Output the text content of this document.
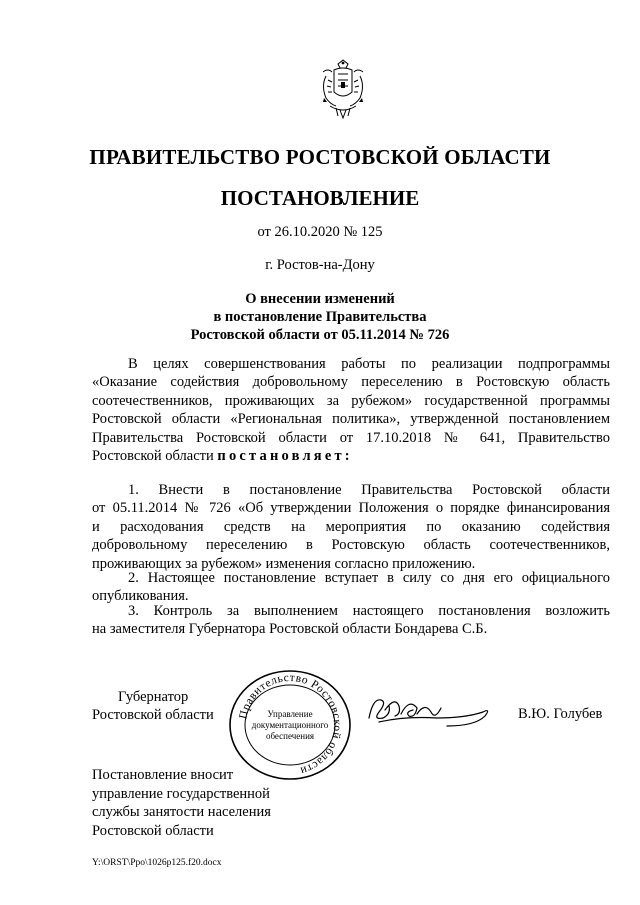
ПРАВИТЕЛЬСТВО РОСТОВСКОЙ ОБЛАСТИ
ПОСТАНОВЛЕНИЕ
от 26.10.2020 № 125
г. Ростов-на-Дону
О внесении изменений
в постановление Правительства
Ростовской области от 05.11.2014 № 726
В целях совершенствования работы по реализации подпрограммы
«Оказание содействия добровольному переселению в Ростовскую область
соотечественников, проживающих за рубежом» государственной программы
Ростовской области «Региональная политика», утвержденной постановлением
Правительства Ростовской области от 17.10.2018 № 641, Правительство
Ростовской области постановляет:
1. Внести в постановление Правительства Ростовской области
от 05.11.2014 № 726 «Об утверждении Положения о порядке финансирования
и расходования средств на мероприятия по оказанию содействия
добровольному переселению в Ростовскую область соотечественников,
проживающих за рубежом» изменения согласно приложению.
2. Настоящее постановление вступает в силу со дня его официального
опубликования.
3. Контроль за выполнением настоящего постановления возложить
на заместителя Губернатора Ростовской области Бондарева С.Б.
Губернатор
Ростовской области Правительство Ростовской области
Управление
документационного
обеспечения
В.Ю. Голубев
Постановление вносит
управление государственной
службы занятости населения
Ростовской области
Y:\ORST\Ppo\1026p125.f20.docx
